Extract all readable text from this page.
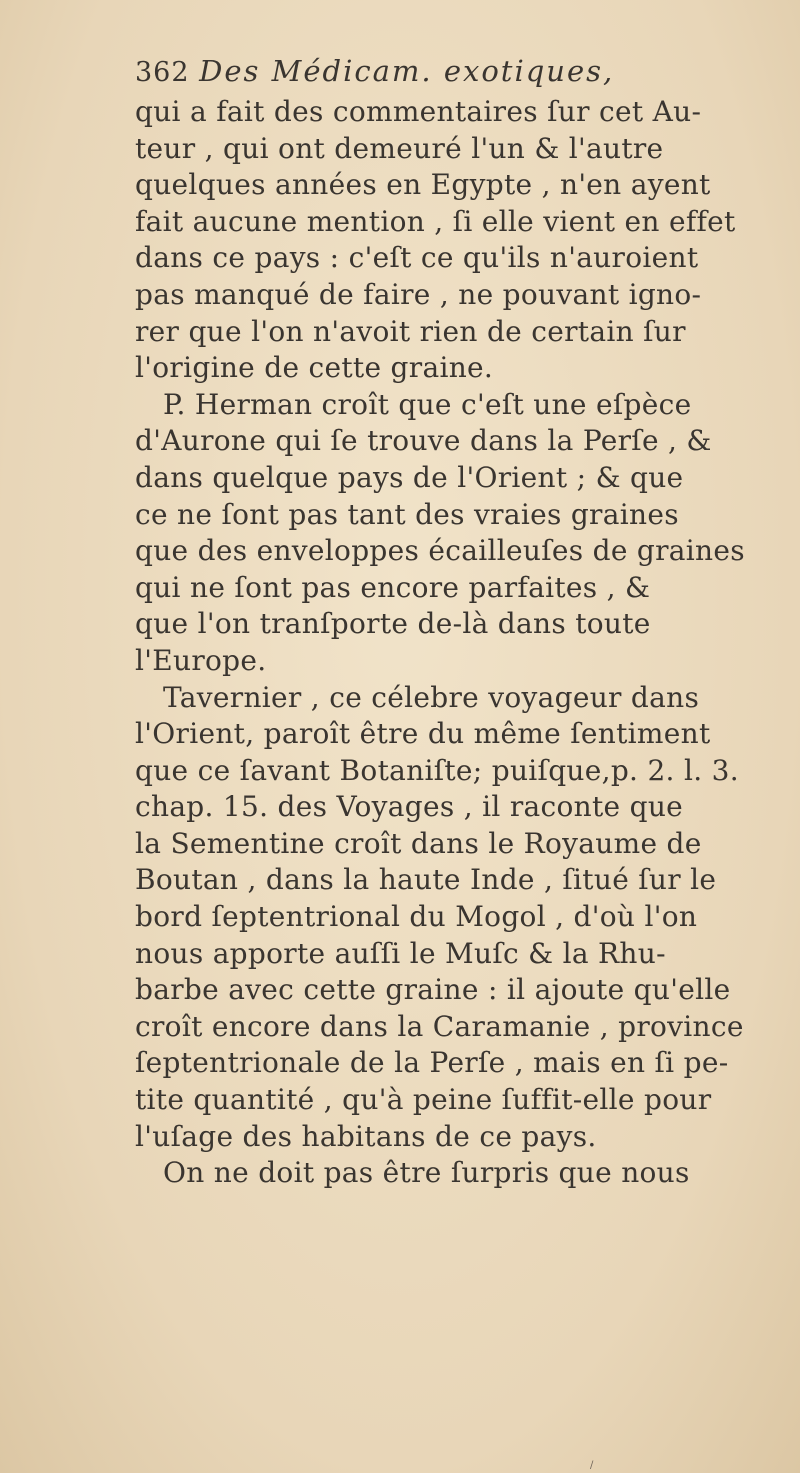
362 Des Médicam. exotiques,
qui a fait des commentaires ſur cet Au-
teur , qui ont demeuré l'un & l'autre
quelques années en Egypte , n'en ayent
fait aucune mention , ſi elle vient en effet
dans ce pays : c'eſt ce qu'ils n'auroient
pas manqué de faire , ne pouvant igno-
rer que l'on n'avoit rien de certain ſur
l'origine de cette graine.
P. Herman croît que c'eſt une eſpèce
d'Aurone qui ſe trouve dans la Perſe , &
dans quelque pays de l'Orient ; & que
ce ne ſont pas tant des vraies graines
que des enveloppes écailleuſes de graines
qui ne ſont pas encore parfaites , &
que l'on tranſporte de-là dans toute
l'Europe.
Tavernier , ce célebre voyageur dans
l'Orient, paroît être du même ſentiment
que ce ſavant Botaniſte; puiſque,p. 2. l. 3.
chap. 15. des Voyages , il raconte que
la Sementine croît dans le Royaume de
Boutan , dans la haute Inde , ſitué ſur le
bord ſeptentrional du Mogol , d'où l'on
nous apporte auſſi le Muſc & la Rhu-
barbe avec cette graine : il ajoute qu'elle
croît encore dans la Caramanie , province
ſeptentrionale de la Perſe , mais en ſi pe-
tite quantité , qu'à peine ſuffit-elle pour
l'uſage des habitans de ce pays.
On ne doit pas être ſurpris que nous
/
